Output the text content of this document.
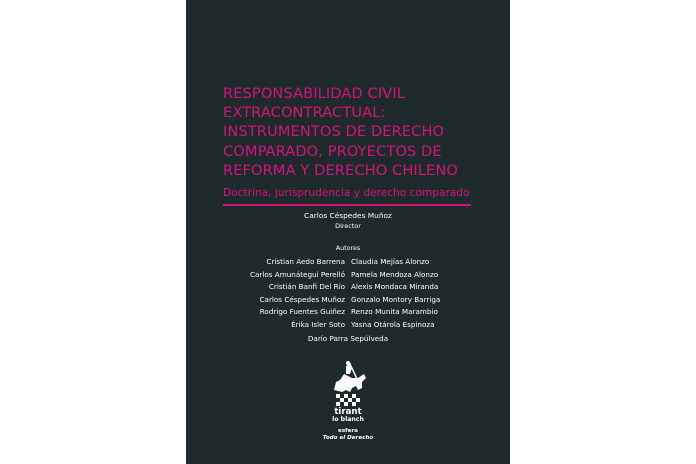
RESPONSABILIDAD CIVIL
EXTRACONTRACTUAL:
INSTRUMENTOS DE DERECHO
COMPARADO, PROYECTOS DE
REFORMA Y DERECHO CHILENO
Doctrina, jurisprudencia y derecho comparado
Carlos Céspedes Muñoz
Director
Autores
Cristian Aedo Barrena
Carlos Amunátegui Perelló
Cristián Banfi Del Río
Carlos Céspedes Muñoz
Rodrigo Fuentes Guiñez
Érika Isler Soto
Claudia Mejías Alonzo
Pamela Mendoza Alonzo
Alexis Mondaca Miranda
Gonzalo Montory Barriga
Renzo Munita Marambio
Yasna Otárola Espinoza
Darío Parra Sepúlveda
tirant
lo blanch
esfera
Todo el Derecho
